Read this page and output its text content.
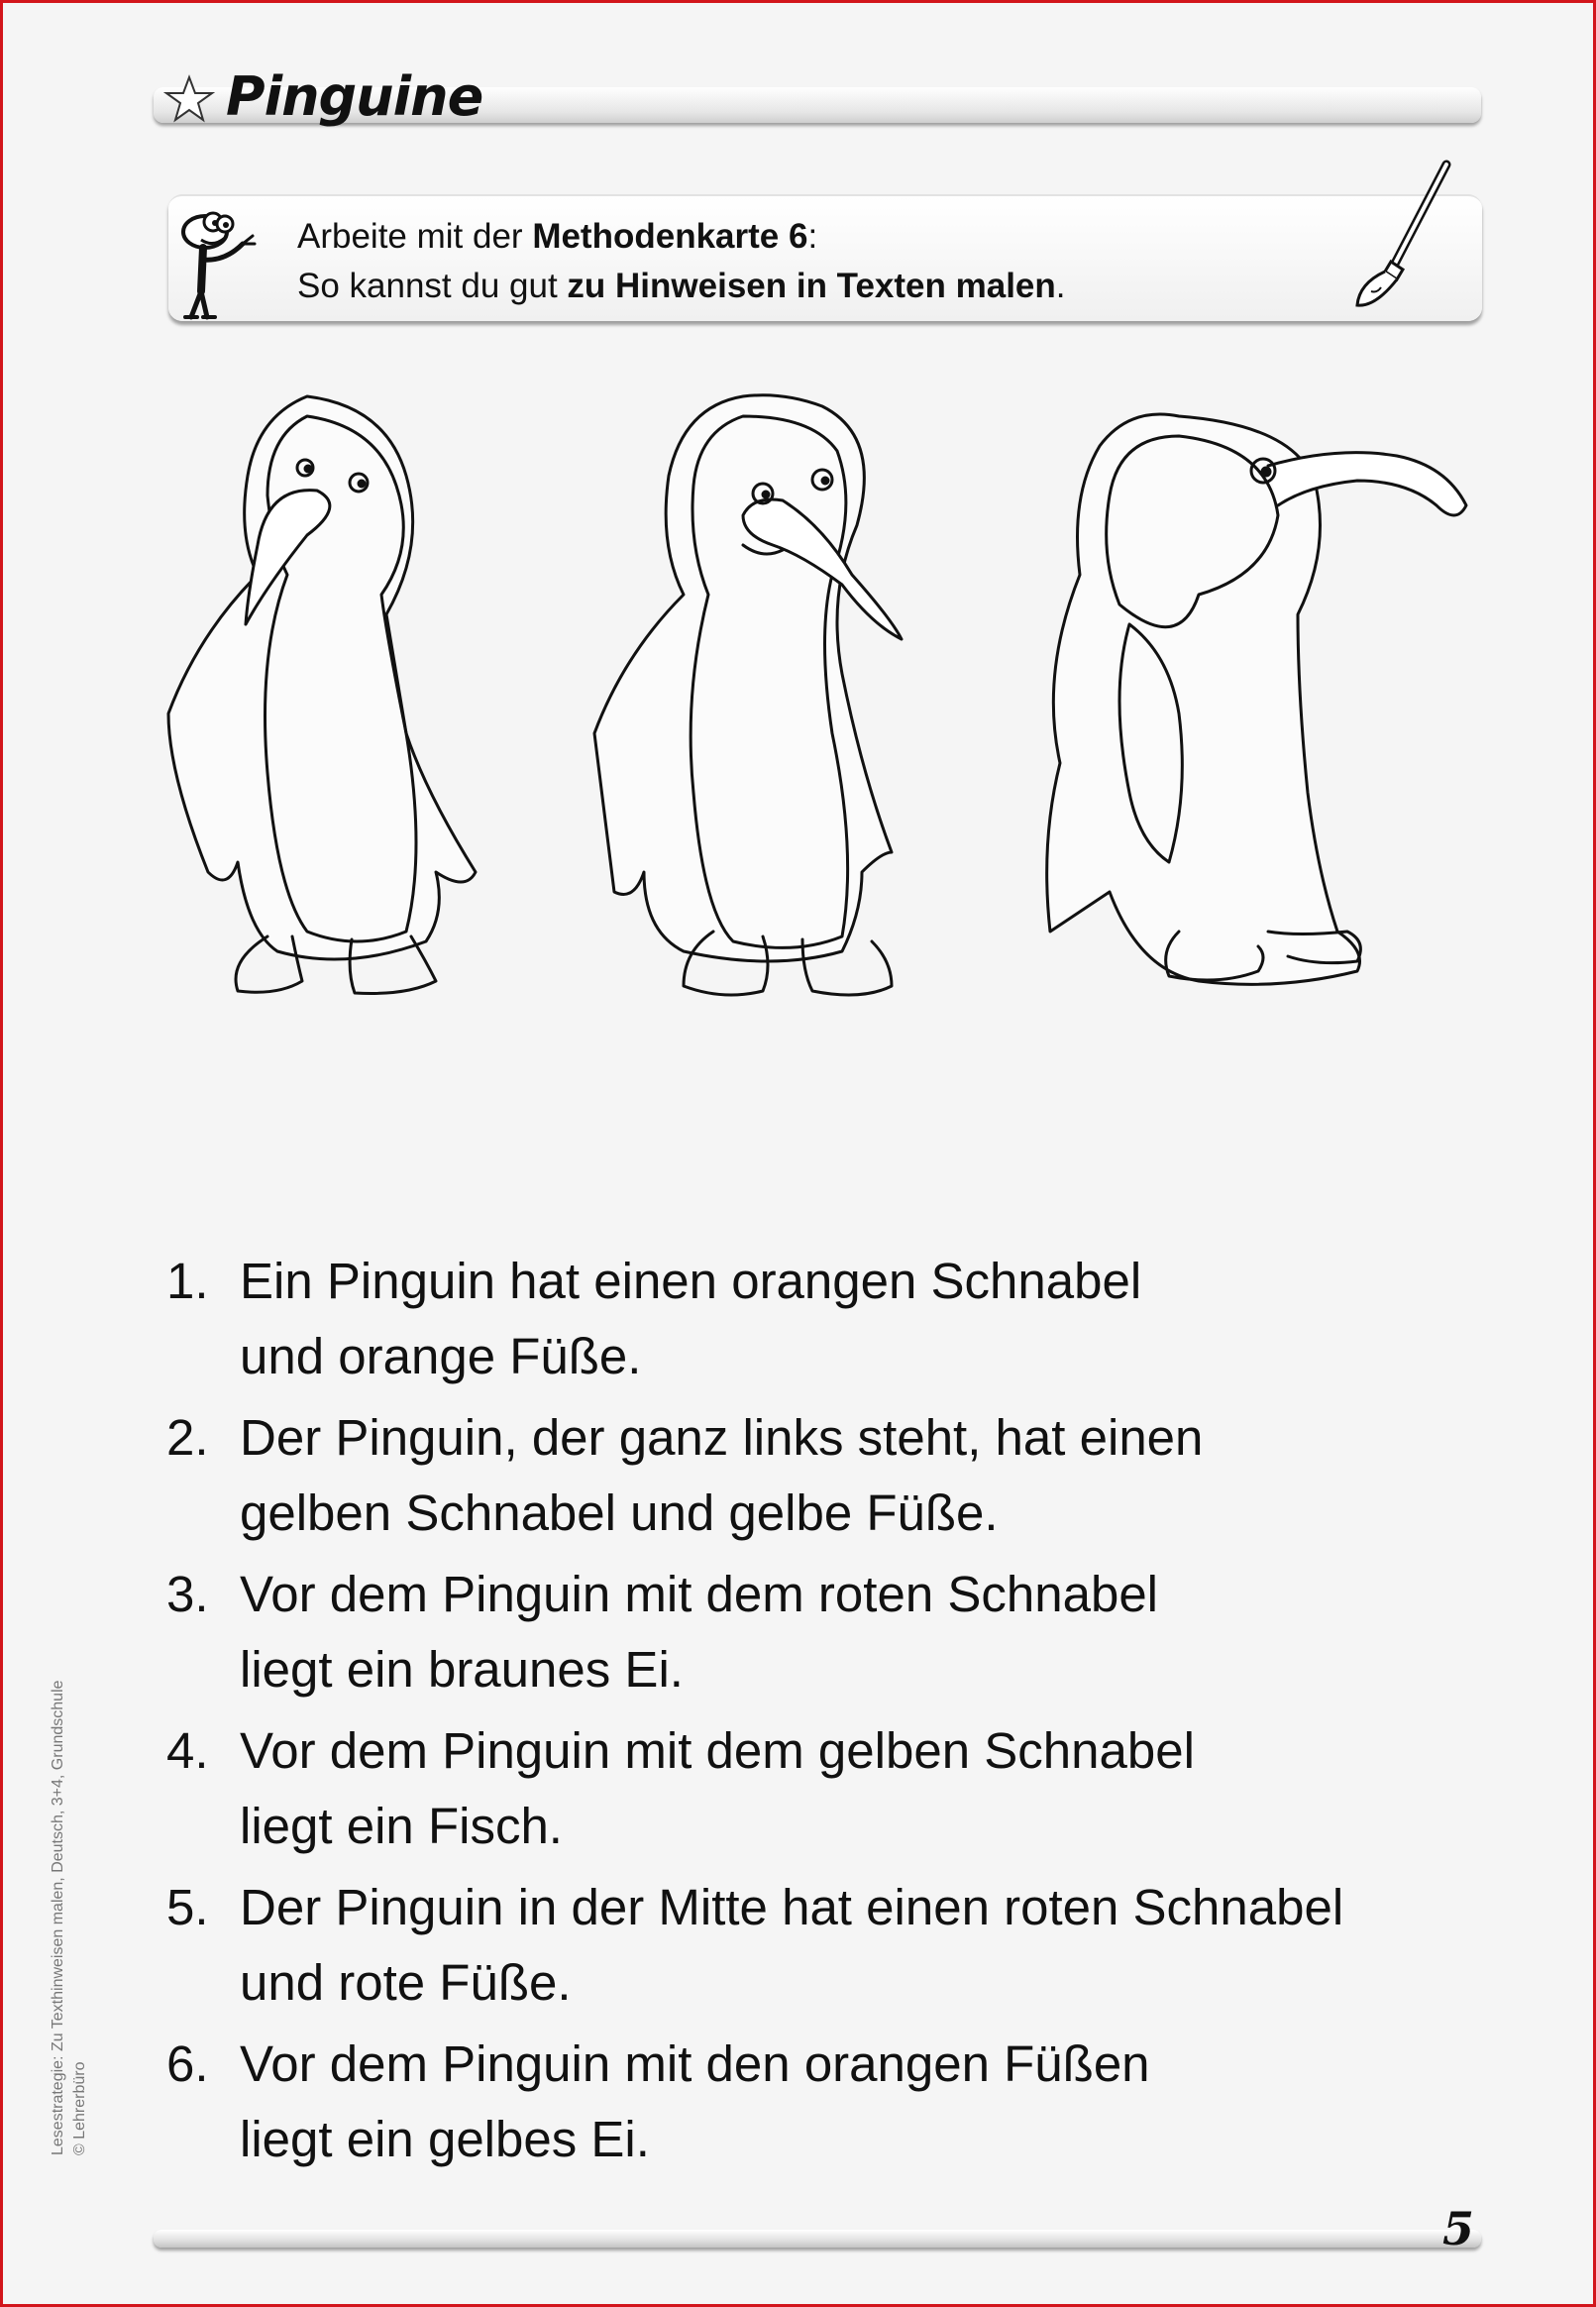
Pinguine
Arbeite mit der Methodenkarte 6:
So kannst du gut zu Hinweisen in Texten malen.
1. Ein Pinguin hat einen orangen Schnabel
und orange Füße.
2. Der Pinguin, der ganz links steht, hat einen
gelben Schnabel und gelbe Füße.
3. Vor dem Pinguin mit dem roten Schnabel
liegt ein braunes Ei.
4. Vor dem Pinguin mit dem gelben Schnabel
liegt ein Fisch.
5. Der Pinguin in der Mitte hat einen roten Schnabel
und rote Füße.
6. Vor dem Pinguin mit den orangen Füßen
liegt ein gelbes Ei.
5
Lesestrategie: Zu Texthinweisen malen, Deutsch, 3+4, Grundschule © Lehrerbüro
